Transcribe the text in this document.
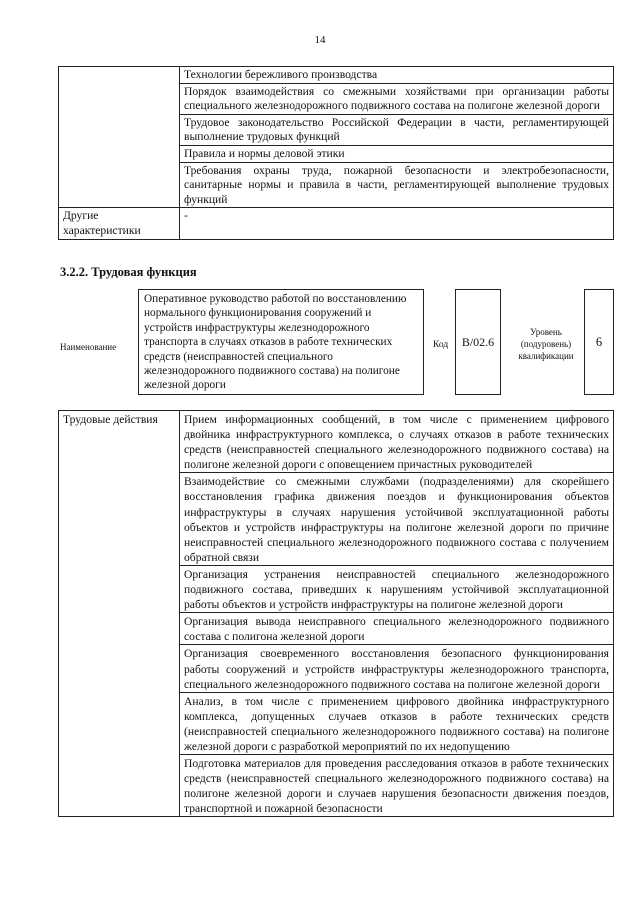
14
	Технологии бережливого производства
	Порядок взаимодействия со смежными хозяйствами при организации работы специального железнодорожного подвижного состава на полигоне железной дороги
	Трудовое законодательство Российской Федерации в части, регламентирующей выполнение трудовых функций
	Правила и нормы деловой этики
	Требования охраны труда, пожарной безопасности и электробезопасности, санитарные нормы и правила в части, регламентирующей выполнение трудовых функций
Другие характеристики	-
3.2.2. Трудовая функция
Наименование
Оперативное руководство работой по восстановлению нормального функционирования сооружений и устройств инфраструктуры железнодорожного транспорта в случаях отказов в работе технических средств (неисправностей специального железнодорожного подвижного состава) на полигоне железной дороги
Код	B/02.6
Уровень (подуровень) квалификации
6
Трудовые действия	Прием информационных сообщений, в том числе с применением цифрового двойника инфраструктурного комплекса, о случаях отказов в работе технических средств (неисправностей специального железнодорожного подвижного состава) на полигоне железной дороги с оповещением причастных руководителей
Взаимодействие со смежными службами (подразделениями) для скорейшего восстановления графика движения поездов и функционирования объектов инфраструктуры в случаях нарушения устойчивой эксплуатационной работы объектов и устройств инфраструктуры на полигоне железной дороги по причине неисправностей специального железнодорожного подвижного состава с получением обратной связи
Организация устранения неисправностей специального железнодорожного подвижного состава, приведших к нарушениям устойчивой эксплуатационной работы объектов и устройств инфраструктуры на полигоне железной дороги
Организация вывода неисправного специального железнодорожного подвижного состава с полигона железной дороги
Организация своевременного восстановления безопасного функционирования работы сооружений и устройств инфраструктуры железнодорожного транспорта, специального железнодорожного подвижного состава на полигоне железной дороги
Анализ, в том числе с применением цифрового двойника инфраструктурного комплекса, допущенных случаев отказов в работе технических средств (неисправностей специального железнодорожного подвижного состава) на полигоне железной дороги с разработкой мероприятий по их недопущению
Подготовка материалов для проведения расследования отказов в работе технических средств (неисправностей специального железнодорожного подвижного состава) на полигоне железной дороги и случаев нарушения безопасности движения поездов, транспортной и пожарной безопасности
